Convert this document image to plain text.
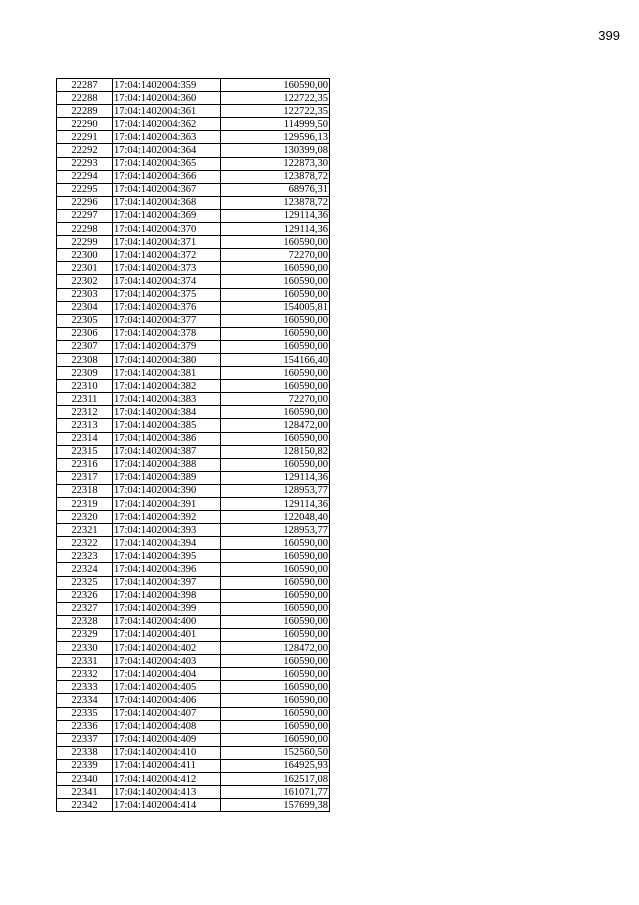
399
22287	17:04:1402004:359	160590,00
22288	17:04:1402004:360	122722,35
22289	17:04:1402004:361	122722,35
22290	17:04:1402004:362	114999,50
22291	17:04:1402004:363	129596,13
22292	17:04:1402004:364	130399,08
22293	17:04:1402004:365	122873,30
22294	17:04:1402004:366	123878,72
22295	17:04:1402004:367	68976,31
22296	17:04:1402004:368	123878,72
22297	17:04:1402004:369	129114,36
22298	17:04:1402004:370	129114,36
22299	17:04:1402004:371	160590,00
22300	17:04:1402004:372	72270,00
22301	17:04:1402004:373	160590,00
22302	17:04:1402004:374	160590,00
22303	17:04:1402004:375	160590,00
22304	17:04:1402004:376	154005,81
22305	17:04:1402004:377	160590,00
22306	17:04:1402004:378	160590,00
22307	17:04:1402004:379	160590,00
22308	17:04:1402004:380	154166,40
22309	17:04:1402004:381	160590,00
22310	17:04:1402004:382	160590,00
22311	17:04:1402004:383	72270,00
22312	17:04:1402004:384	160590,00
22313	17:04:1402004:385	128472,00
22314	17:04:1402004:386	160590,00
22315	17:04:1402004:387	128150,82
22316	17:04:1402004:388	160590,00
22317	17:04:1402004:389	129114,36
22318	17:04:1402004:390	128953,77
22319	17:04:1402004:391	129114,36
22320	17:04:1402004:392	122048,40
22321	17:04:1402004:393	128953,77
22322	17:04:1402004:394	160590,00
22323	17:04:1402004:395	160590,00
22324	17:04:1402004:396	160590,00
22325	17:04:1402004:397	160590,00
22326	17:04:1402004:398	160590,00
22327	17:04:1402004:399	160590,00
22328	17:04:1402004:400	160590,00
22329	17:04:1402004:401	160590,00
22330	17:04:1402004:402	128472,00
22331	17:04:1402004:403	160590,00
22332	17:04:1402004:404	160590,00
22333	17:04:1402004:405	160590,00
22334	17:04:1402004:406	160590,00
22335	17:04:1402004:407	160590,00
22336	17:04:1402004:408	160590,00
22337	17:04:1402004:409	160590,00
22338	17:04:1402004:410	152560,50
22339	17:04:1402004:411	164925,93
22340	17:04:1402004:412	162517,08
22341	17:04:1402004:413	161071,77
22342	17:04:1402004:414	157699,38
